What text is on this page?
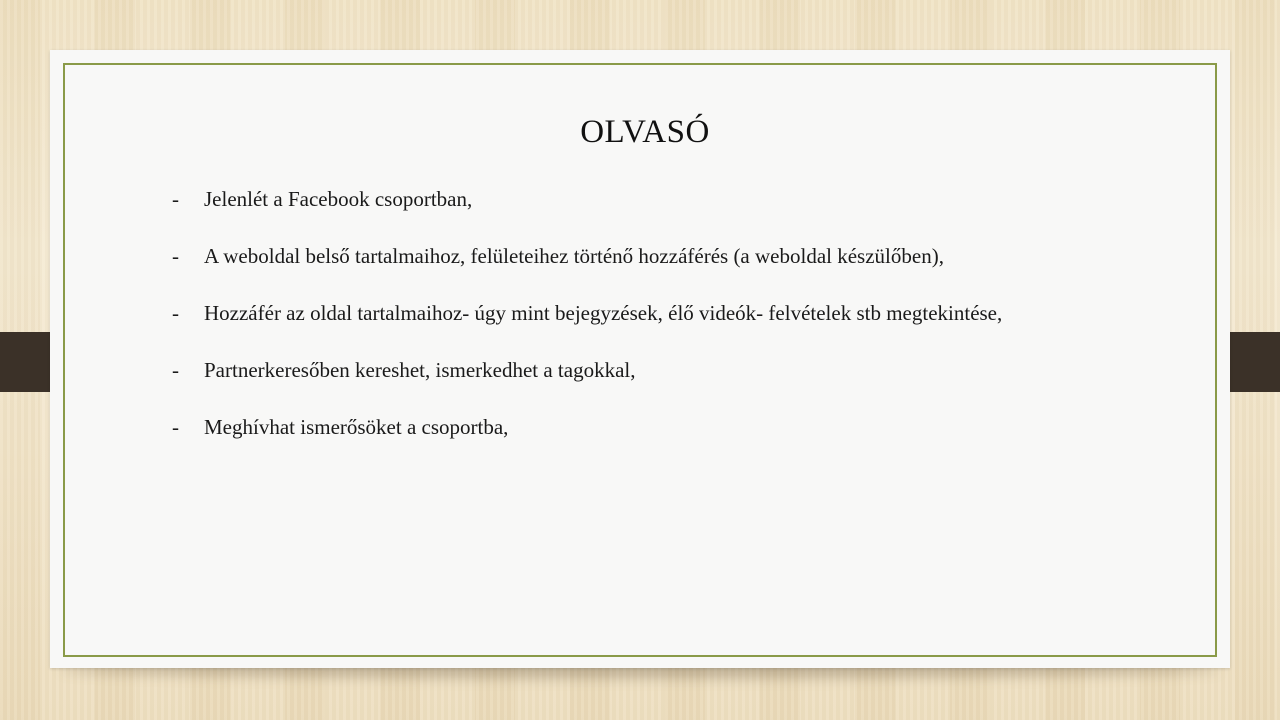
OLVASÓ
-	Jelenlét a Facebook csoportban,
-	A weboldal belső tartalmaihoz, felületeihez történő hozzáférés (a weboldal készülőben),
-	Hozzáfér az oldal tartalmaihoz- úgy mint bejegyzések, élő videók- felvételek stb megtekintése,
-	Partnerkeresőben kereshet, ismerkedhet a tagokkal,
-	Meghívhat ismerősöket a csoportba,
